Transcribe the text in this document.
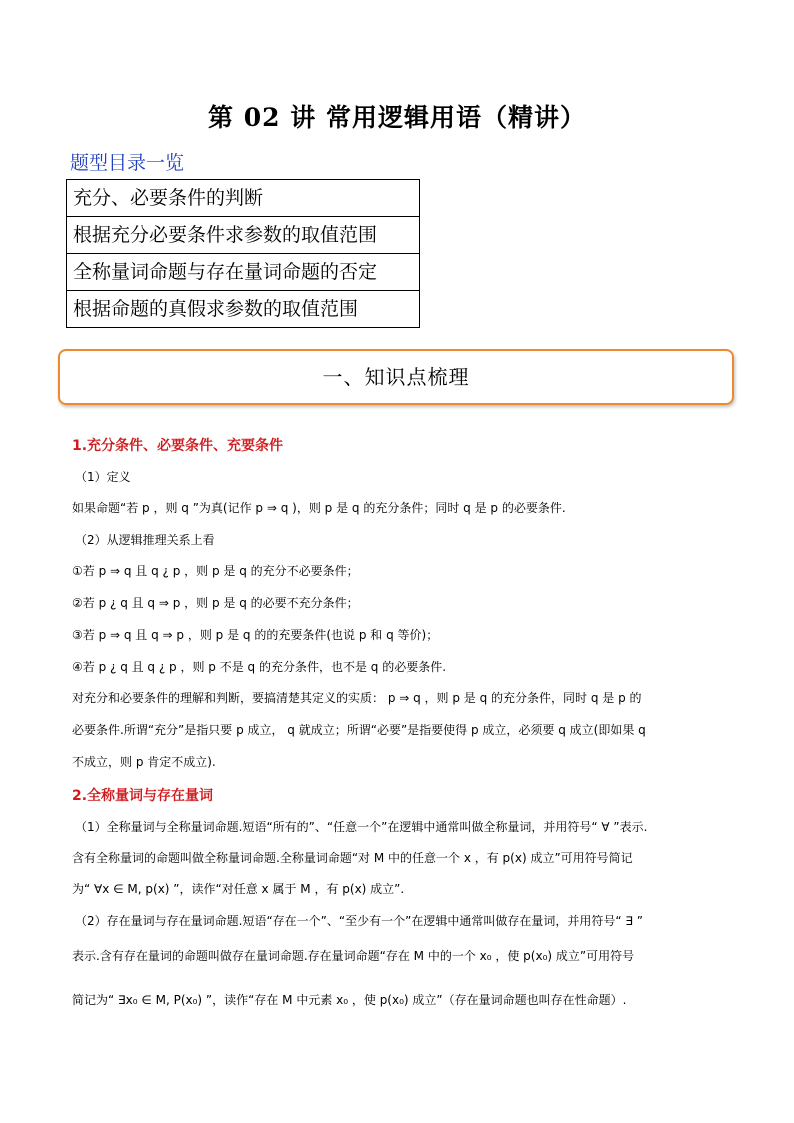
第 02 讲 常用逻辑用语（精讲）
题型目录一览
充分、必要条件的判断
根据充分必要条件求参数的取值范围
全称量词命题与存在量词命题的否定
根据命题的真假求参数的取值范围
一、知识点梳理
1.充分条件、必要条件、充要条件
（1）定义
如果命题“若 p ，则 q ”为真(记作 p ⇒ q )，则 p 是 q 的充分条件；同时 q 是 p 的必要条件.
（2）从逻辑推理关系上看
①若 p ⇒ q 且 q ¿ p ，则 p 是 q 的充分不必要条件；
②若 p ¿ q 且 q ⇒ p ，则 p 是 q 的必要不充分条件；
③若 p ⇒ q 且 q ⇒ p ，则 p 是 q 的的充要条件(也说 p 和 q 等价)；
④若 p ¿ q 且 q ¿ p ，则 p 不是 q 的充分条件，也不是 q 的必要条件.
对充分和必要条件的理解和判断，要搞清楚其定义的实质： p ⇒ q ，则 p 是 q 的充分条件，同时 q 是 p 的
必要条件.所谓“充分”是指只要 p 成立， q 就成立；所谓“必要”是指要使得 p 成立，必须要 q 成立(即如果 q
不成立，则 p 肯定不成立).
2.全称量词与存在量词
（1）全称量词与全称量词命题.短语“所有的”、“任意一个”在逻辑中通常叫做全称量词，并用符号“ ∀ ”表示.
含有全称量词的命题叫做全称量词命题.全称量词命题“对 M 中的任意一个 x ，有 p(x) 成立”可用符号简记
为“ ∀x ∈ M, p(x) ”，读作“对任意 x 属于 M ，有 p(x) 成立”.
（2）存在量词与存在量词命题.短语“存在一个”、“至少有一个”在逻辑中通常叫做存在量词，并用符号“ ∃ ”
表示.含有存在量词的命题叫做存在量词命题.存在量词命题“存在 M 中的一个 x₀ ，使 p(x₀) 成立”可用符号
简记为“ ∃x₀ ∈ M, P(x₀) ”，读作“存在 M 中元素 x₀ ，使 p(x₀) 成立”（存在量词命题也叫存在性命题）.
